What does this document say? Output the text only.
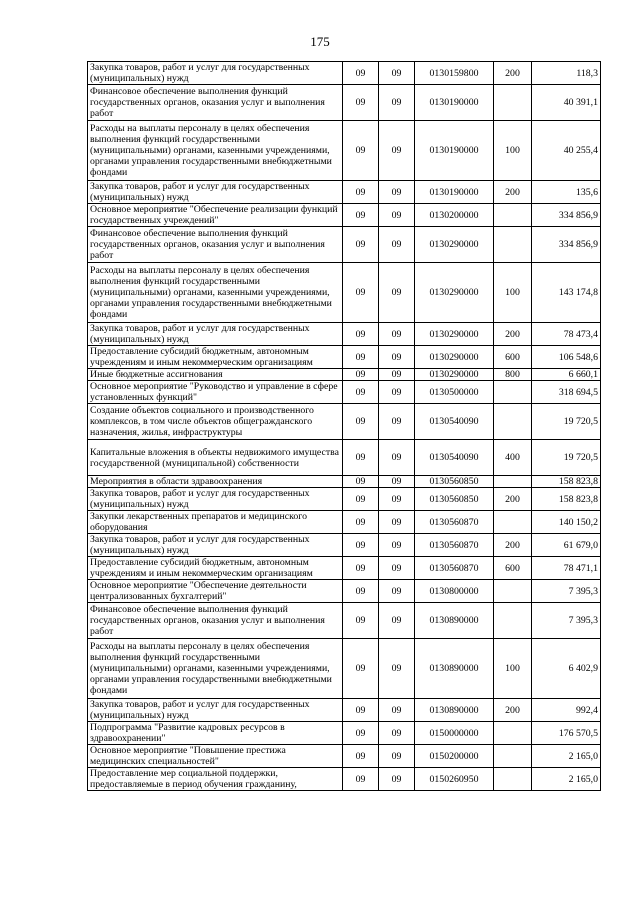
175
Закупка товаров, работ и услуг для государственных (муниципальных) нужд	09	09	0130159800	200	118,3
Финансовое обеспечение выполнения функций государственных органов, оказания услуг и выполнения работ	09	09	0130190000		40 391,1
Расходы на выплаты персоналу в целях обеспечения выполнения функций государственными (муниципальными) органами, казенными учреждениями, органами управления государственными внебюджетными фондами	09	09	0130190000	100	40 255,4
Закупка товаров, работ и услуг для государственных (муниципальных) нужд	09	09	0130190000	200	135,6
Основное мероприятие "Обеспечение реализации функций государственных учреждений"	09	09	0130200000		334 856,9
Финансовое обеспечение выполнения функций государственных органов, оказания услуг и выполнения работ	09	09	0130290000		334 856,9
Расходы на выплаты персоналу в целях обеспечения выполнения функций государственными (муниципальными) органами, казенными учреждениями, органами управления государственными внебюджетными фондами	09	09	0130290000	100	143 174,8
Закупка товаров, работ и услуг для государственных (муниципальных) нужд	09	09	0130290000	200	78 473,4
Предоставление субсидий бюджетным, автономным учреждениям и иным некоммерческим организациям	09	09	0130290000	600	106 548,6
Иные бюджетные ассигнования	09	09	0130290000	800	6 660,1
Основное мероприятие "Руководство и управление в сфере установленных функций"	09	09	0130500000		318 694,5
Создание объектов социального и производственного комплексов, в том числе объектов общегражданского назначения, жилья, инфраструктуры	09	09	0130540090		19 720,5
Капитальные вложения в объекты недвижимого имущества государственной (муниципальной) собственности	09	09	0130540090	400	19 720,5
Мероприятия в области здравоохранения	09	09	0130560850		158 823,8
Закупка товаров, работ и услуг для государственных (муниципальных) нужд	09	09	0130560850	200	158 823,8
Закупки лекарственных препаратов и медицинского оборудования	09	09	0130560870		140 150,2
Закупка товаров, работ и услуг для государственных (муниципальных) нужд	09	09	0130560870	200	61 679,0
Предоставление субсидий бюджетным, автономным учреждениям и иным некоммерческим организациям	09	09	0130560870	600	78 471,1
Основное мероприятие "Обеспечение деятельности централизованных бухгалтерий"	09	09	0130800000		7 395,3
Финансовое обеспечение выполнения функций государственных органов, оказания услуг и выполнения работ	09	09	0130890000		7 395,3
Расходы на выплаты персоналу в целях обеспечения выполнения функций государственными (муниципальными) органами, казенными учреждениями, органами управления государственными внебюджетными фондами	09	09	0130890000	100	6 402,9
Закупка товаров, работ и услуг для государственных (муниципальных) нужд	09	09	0130890000	200	992,4
Подпрограмма "Развитие кадровых ресурсов в здравоохранении"	09	09	0150000000		176 570,5
Основное мероприятие "Повышение престижа медицинских специальностей"	09	09	0150200000		2 165,0
Предоставление мер социальной поддержки, предоставляемые в период обучения гражданину,	09	09	0150260950		2 165,0
